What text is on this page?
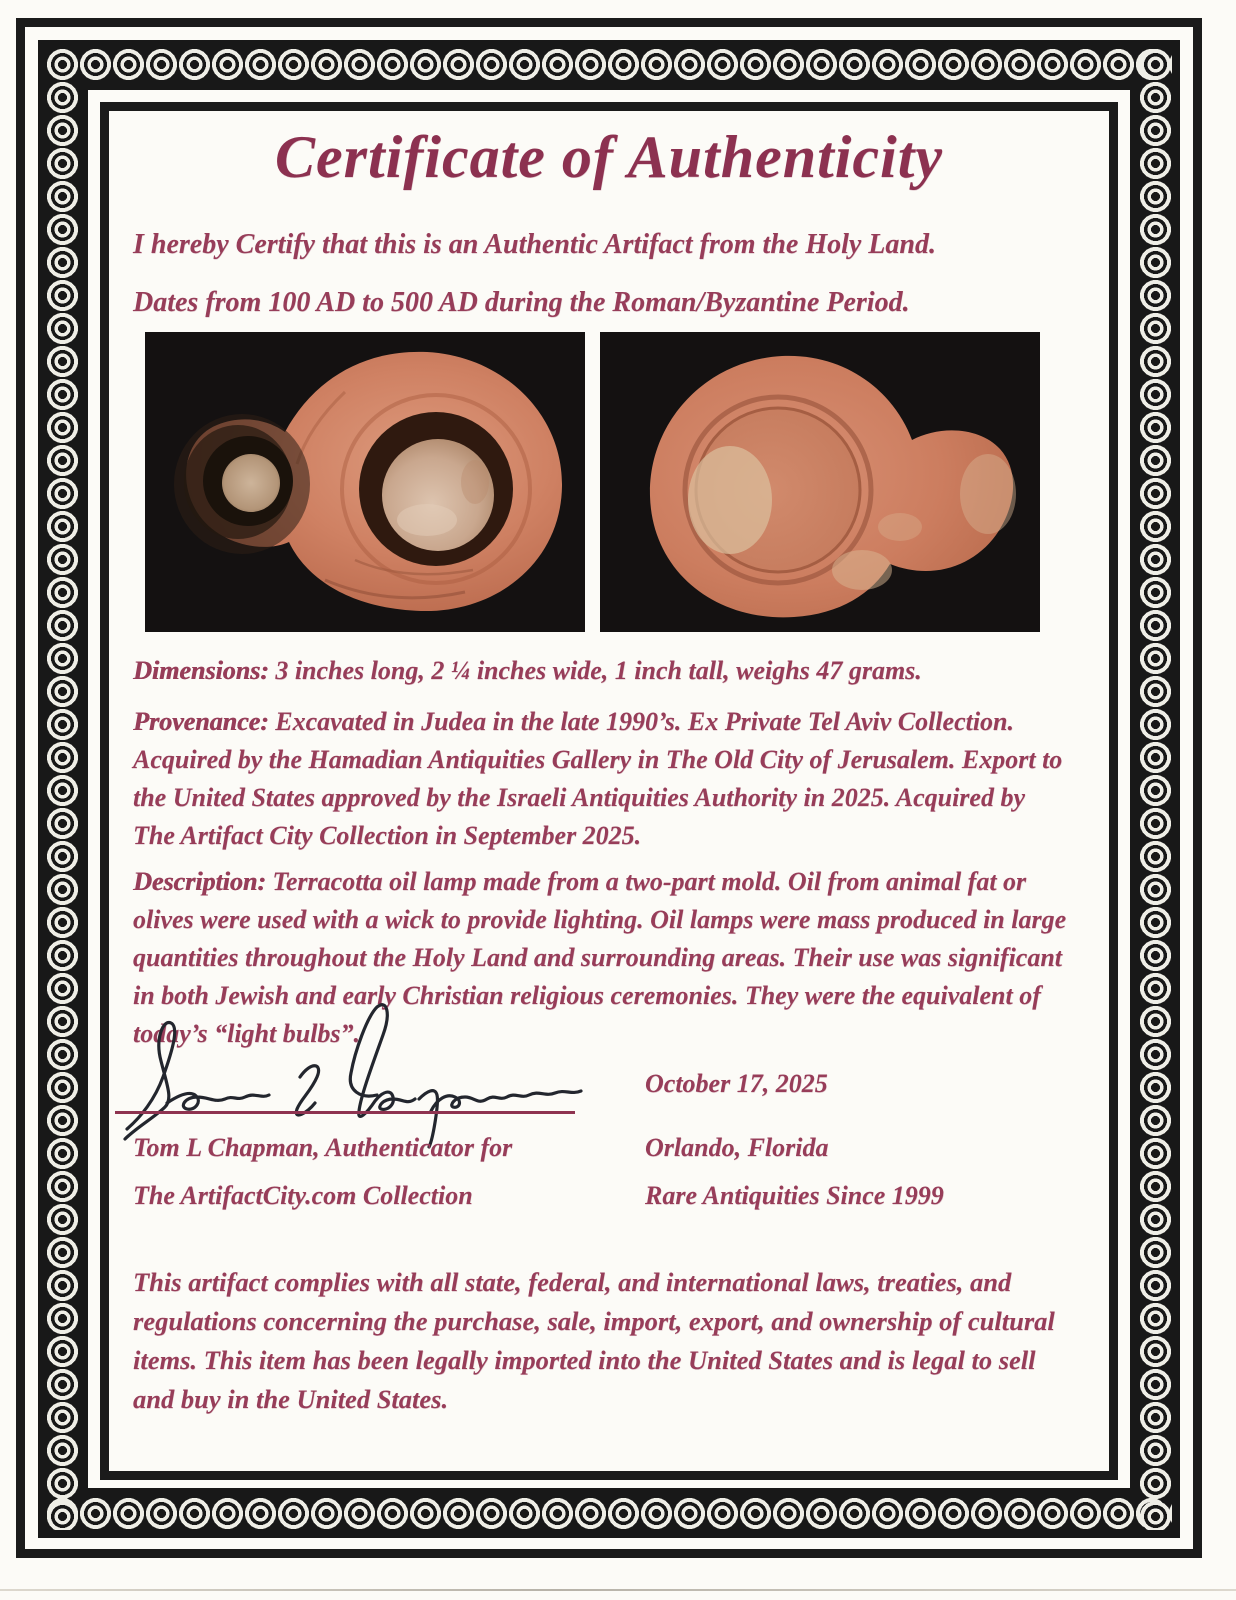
Certificate of Authenticity
I hereby Certify that this is an Authentic Artifact from the Holy Land.
Dates from 100 AD to 500 AD during the Roman/Byzantine Period.
Dimensions: 3 inches long, 2 ¼ inches wide, 1 inch tall, weighs 47 grams.
Provenance: Excavated in Judea in the late 1990’s. Ex Private Tel Aviv Collection. Acquired by the Hamadian Antiquities Gallery in The Old City of Jerusalem. Export to the United States approved by the Israeli Antiquities Authority in 2025. Acquired by The Artifact City Collection in September 2025.
Description: Terracotta oil lamp made from a two-part mold. Oil from animal fat or olives were used with a wick to provide lighting. Oil lamps were mass produced in large quantities throughout the Holy Land and surrounding areas. Their use was significant in both Jewish and early Christian religious ceremonies. They were the equivalent of today’s “light bulbs”.
Tom L Chapman, Authenticator for
The ArtifactCity.com Collection
October 17, 2025
Orlando, Florida
Rare Antiquities Since 1999
This artifact complies with all state, federal, and international laws, treaties, and regulations concerning the purchase, sale, import, export, and ownership of cultural items. This item has been legally imported into the United States and is legal to sell and buy in the United States.
